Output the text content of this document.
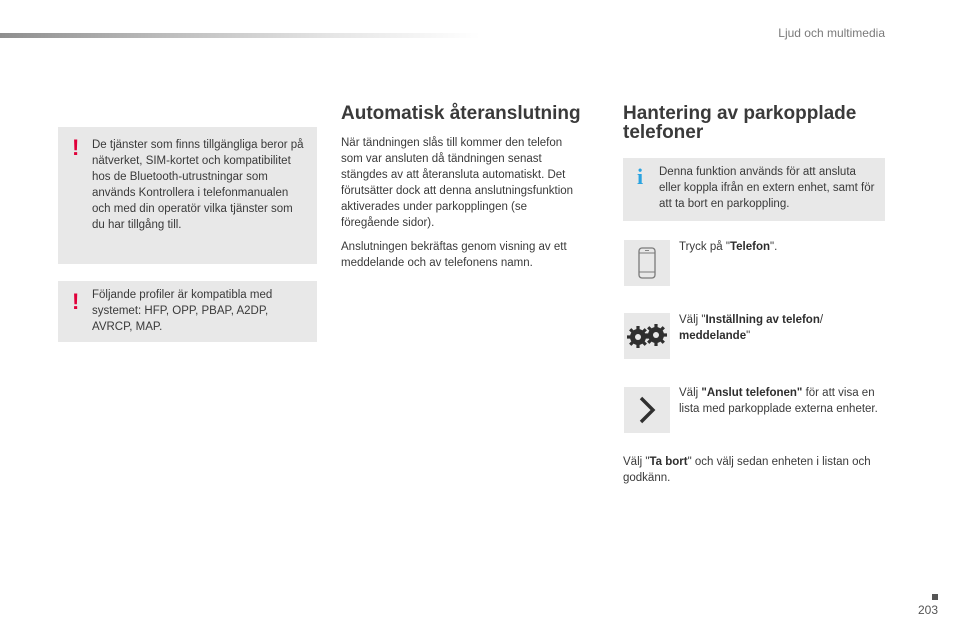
Ljud och multimedia
! De tjänster som finns tillgängliga beror på nätverket, SIM-kortet och kompatibilitet hos de Bluetooth-utrustningar som används Kontrollera i telefonmanualen och med din operatör vilka tjänster som du har tillgång till.
! Följande profiler är kompatibla med systemet: HFP, OPP, PBAP, A2DP, AVRCP, MAP.
Automatisk återanslutning

När tändningen slås till kommer den telefon som var ansluten då tändningen senast stängdes av att återansluta automatiskt. Det förutsätter dock att denna anslutningsfunktion aktiverades under parkopplingen (se föregående sidor).

Anslutningen bekräftas genom visning av ett meddelande och av telefonens namn.

Hantering av parkopplade telefoner
i Denna funktion används för att ansluta eller koppla ifrån en extern enhet, samt för att ta bort en parkoppling.
Tryck på "Telefon".
Välj "Inställning av telefon/ meddelande"
Välj "Anslut telefonen" för att visa en lista med parkopplade externa enheter.
Välj "Ta bort" och välj sedan enheten i listan och godkänn.
203
